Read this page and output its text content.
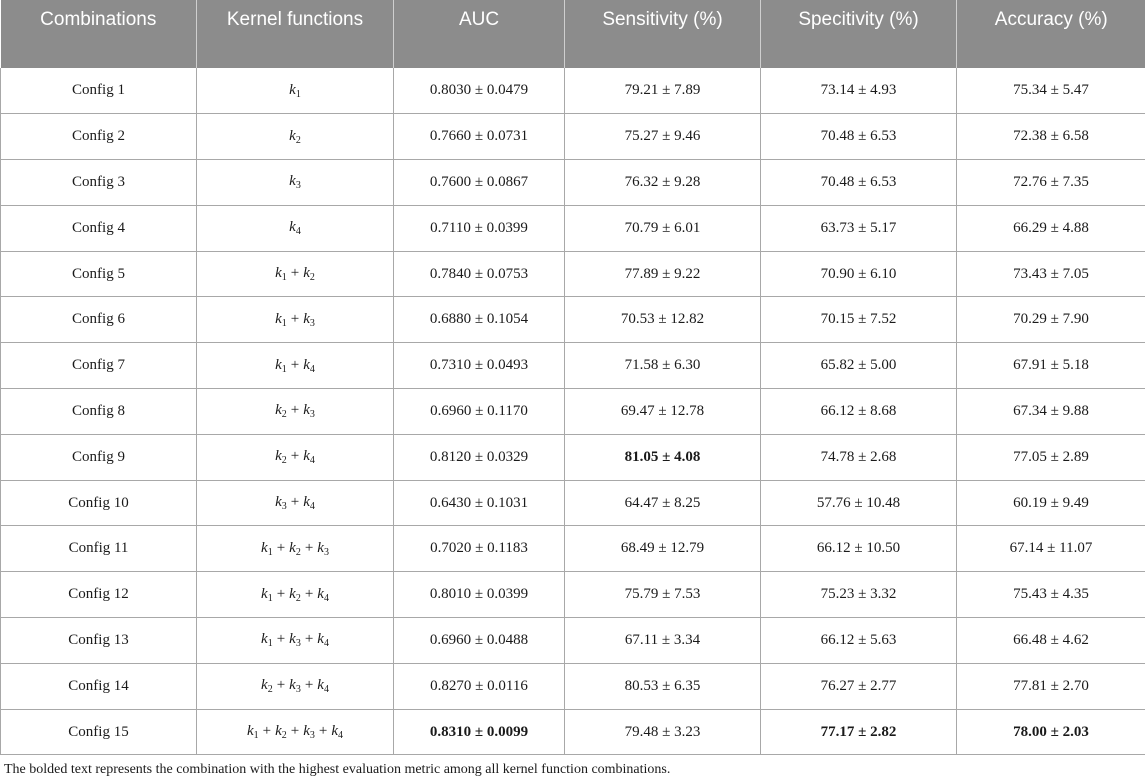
Combinations	Kernel functions	AUC	Sensitivity (%)	Specitivity (%)	Accuracy (%)
Config 1	$k_1$	0.8030 ± 0.0479	79.21 ± 7.89	73.14 ± 4.93	75.34 ± 5.47
Config 2	$k_2$	0.7660 ± 0.0731	75.27 ± 9.46	70.48 ± 6.53	72.38 ± 6.58
Config 3	$k_3$	0.7600 ± 0.0867	76.32 ± 9.28	70.48 ± 6.53	72.76 ± 7.35
Config 4	$k_4$	0.7110 ± 0.0399	70.79 ± 6.01	63.73 ± 5.17	66.29 ± 4.88
Config 5	$k_1 + k_2$	0.7840 ± 0.0753	77.89 ± 9.22	70.90 ± 6.10	73.43 ± 7.05
Config 6	$k_1 + k_3$	0.6880 ± 0.1054	70.53 ± 12.82	70.15 ± 7.52	70.29 ± 7.90
Config 7	$k_1 + k_4$	0.7310 ± 0.0493	71.58 ± 6.30	65.82 ± 5.00	67.91 ± 5.18
Config 8	$k_2 + k_3$	0.6960 ± 0.1170	69.47 ± 12.78	66.12 ± 8.68	67.34 ± 9.88
Config 9	$k_2 + k_4$	0.8120 ± 0.0329	81.05 ± 4.08	74.78 ± 2.68	77.05 ± 2.89
Config 10	$k_3 + k_4$	0.6430 ± 0.1031	64.47 ± 8.25	57.76 ± 10.48	60.19 ± 9.49
Config 11	$k_1 + k_2 + k_3$	0.7020 ± 0.1183	68.49 ± 12.79	66.12 ± 10.50	67.14 ± 11.07
Config 12	$k_1 + k_2 + k_4$	0.8010 ± 0.0399	75.79 ± 7.53	75.23 ± 3.32	75.43 ± 4.35
Config 13	$k_1 + k_3 + k_4$	0.6960 ± 0.0488	67.11 ± 3.34	66.12 ± 5.63	66.48 ± 4.62
Config 14	$k_2 + k_3 + k_4$	0.8270 ± 0.0116	80.53 ± 6.35	76.27 ± 2.77	77.81 ± 2.70
Config 15	$k_1 + k_2 + k_3 + k_4$	0.8310 ± 0.0099	79.48 ± 3.23	77.17 ± 2.82	78.00 ± 2.03
The bolded text represents the combination with the highest evaluation metric among all kernel function combinations.
